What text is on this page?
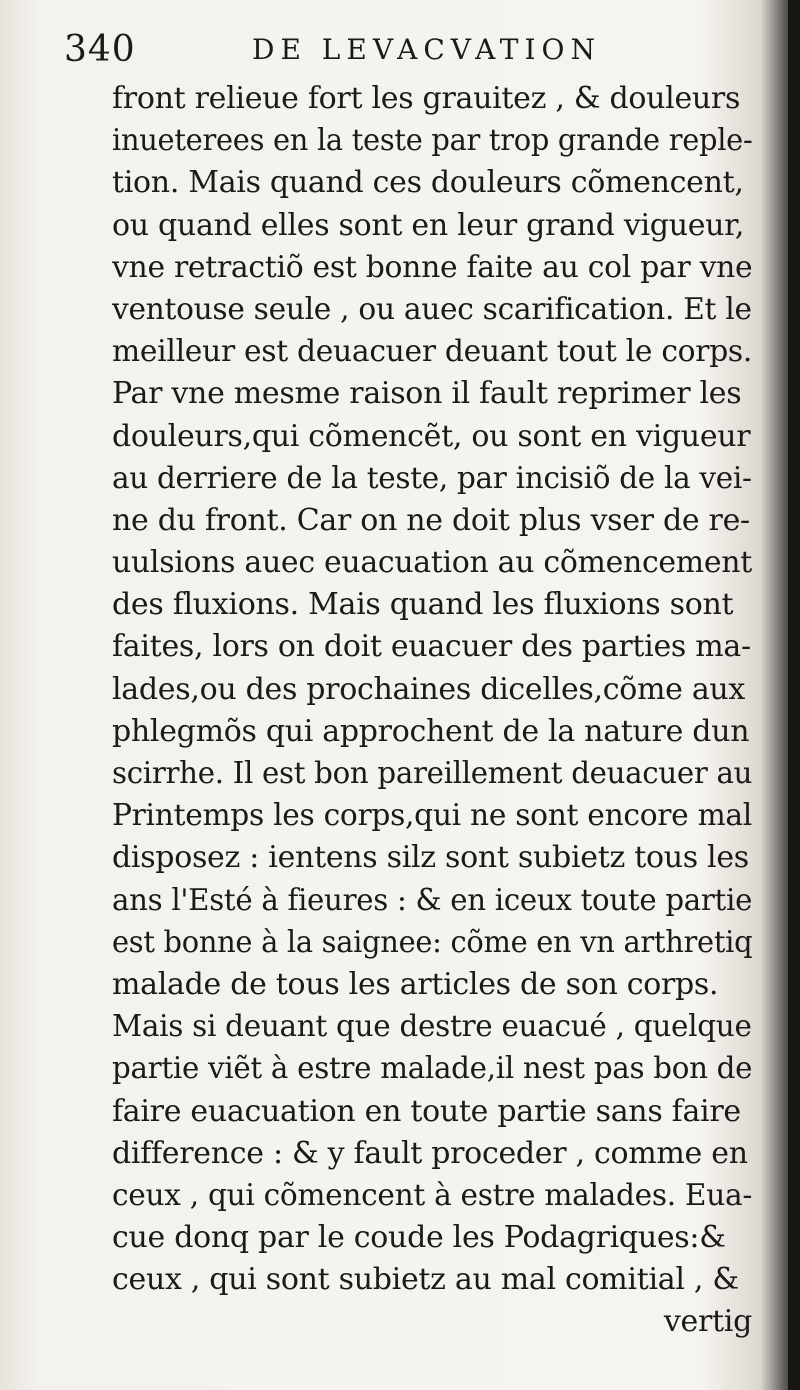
340	DE LEVACVATION
front relieue fort les grauitez , & douleurs
inueterees en la teste par trop grande reple-
tion. Mais quand ces douleurs cõmencent,
ou quand elles sont en leur grand vigueur,
vne retractiõ est bonne faite au col par vne
ventouse seule , ou auec scarification. Et le
meilleur est deuacuer deuant tout le corps.
Par vne mesme raison il fault reprimer les
douleurs,qui cõmencẽt, ou sont en vigueur
au derriere de la teste, par incisiõ de la vei-
ne du front. Car on ne doit plus vser de re-
uulsions auec euacuation au cõmencement
des fluxions. Mais quand les fluxions sont
faites, lors on doit euacuer des parties ma-
lades,ou des prochaines dicelles,cõme aux
phlegmõs qui approchent de la nature dun
scirrhe. Il est bon pareillement deuacuer au
Printemps les corps,qui ne sont encore mal
disposez : ientens silz sont subietz tous les
ans l'Esté à fieures : & en iceux toute partie
est bonne à la saignee: cõme en vn arthretiq
malade de tous les articles de son corps.
Mais si deuant que destre euacué , quelque
partie viẽt à estre malade,il nest pas bon de
faire euacuation en toute partie sans faire
difference : & y fault proceder , comme en
ceux , qui cõmencent à estre malades. Eua-
cue donq par le coude les Podagriques:&
ceux , qui sont subietz au mal comitial , &
vertig
